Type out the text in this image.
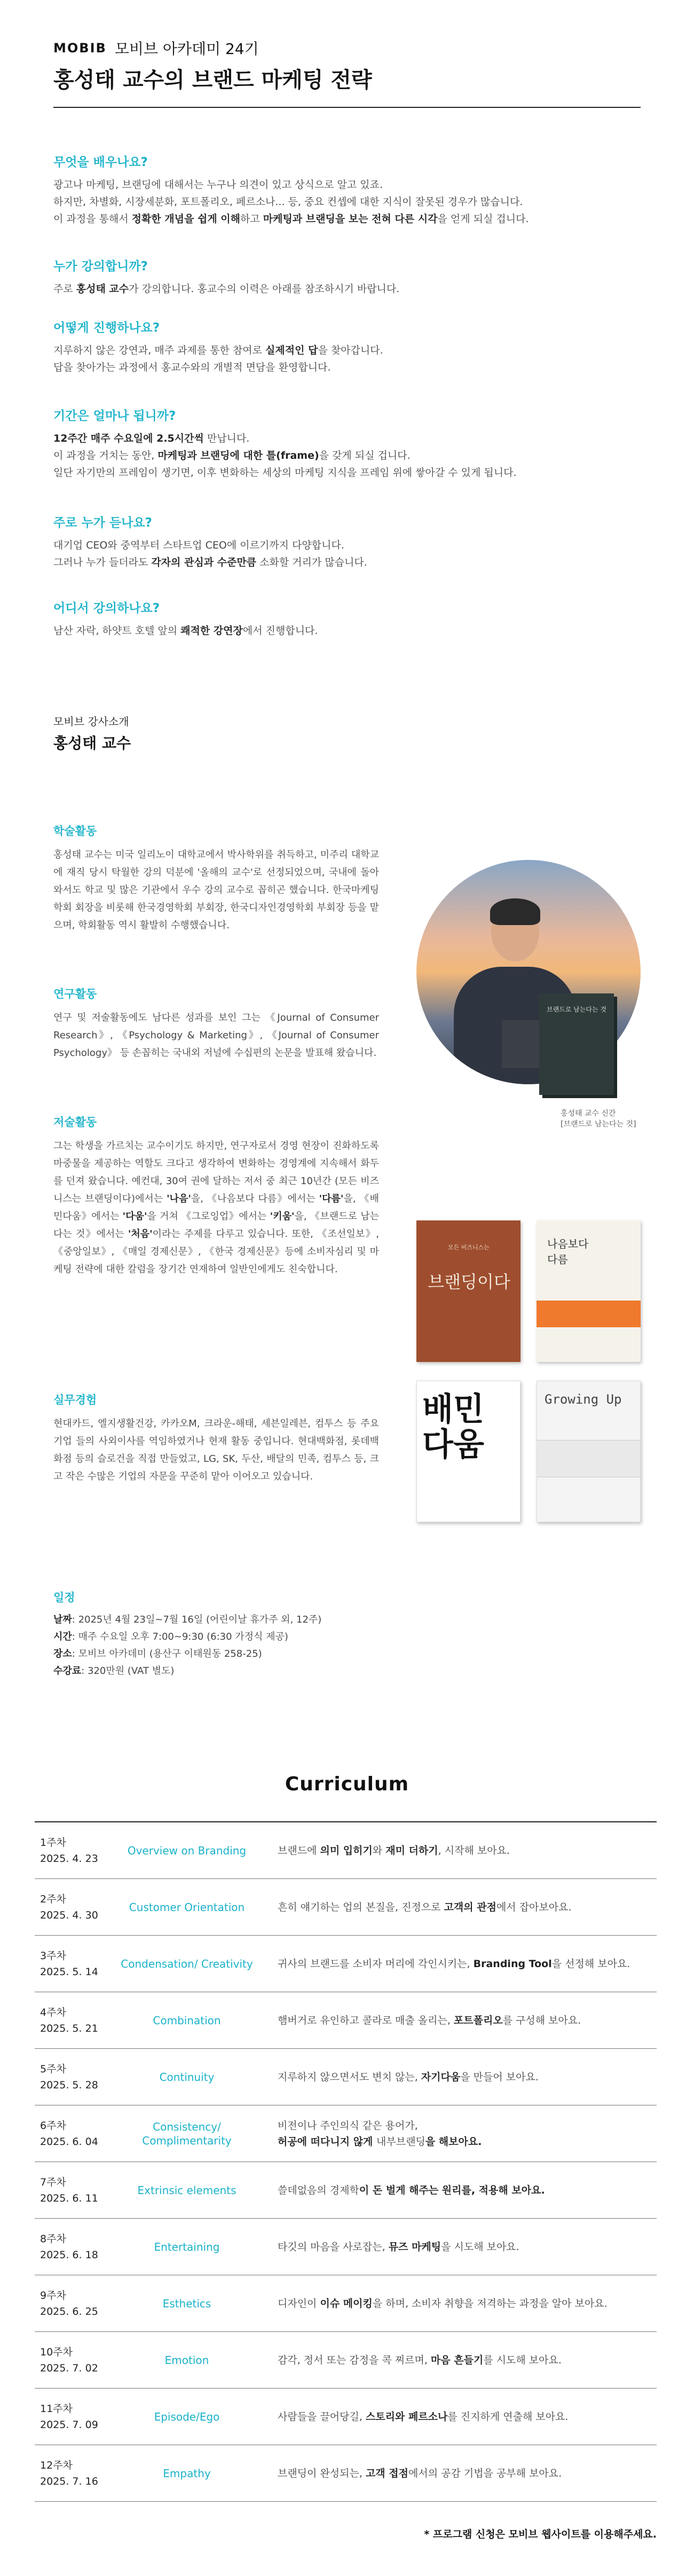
M O B I B 모비브 아카데미 24기
홍성태 교수의 브랜드 마케팅 전략
무엇을 배우나요?

광고나 마케팅, 브랜딩에 대해서는 누구나 의견이 있고 상식으로 알고 있죠.

하지만, 차별화, 시장세분화, 포트폴리오, 페르소나... 등, 중요 컨셉에 대한 지식이 잘못된 경우가 많습니다.

이 과정을 통해서 정확한 개념을 쉽게 이해하고 마케팅과 브랜딩을 보는 전혀 다른 시각을 얻게 되실 겁니다.

누가 강의합니까?

주로 홍성태 교수가 강의합니다. 홍교수의 이력은 아래를 참조하시기 바랍니다.

어떻게 진행하나요?

지루하지 않은 강연과, 매주 과제를 통한 참여로 실제적인 답을 찾아갑니다.

답을 찾아가는 과정에서 홍교수와의 개별적 면담을 환영합니다.

기간은 얼마나 됩니까?

12주간 매주 수요일에 2.5시간씩 만납니다.

이 과정을 거치는 동안, 마케팅과 브랜딩에 대한 틀(frame)을 갖게 되실 겁니다.

일단 자기만의 프레임이 생기면, 이후 변화하는 세상의 마케팅 지식을 프레임 위에 쌓아갈 수 있게 됩니다.

주로 누가 듣나요?

대기업 CEO와 중역부터 스타트업 CEO에 이르기까지 다양합니다.

그러나 누가 들더라도 각자의 관심과 수준만큼 소화할 거리가 많습니다.

어디서 강의하나요?

남산 자락, 하얏트 호텔 앞의 쾌적한 강연장에서 진행합니다.

모비브 강사소개
홍성태 교수
학술활동

홍성태 교수는 미국 일리노이 대학교에서 박사학위를 취득하고, 미주리 대학교에 재직 당시 탁월한 강의 덕분에 '올해의 교수'로 선정되었으며, 국내에 돌아와서도 학교 및 많은 기관에서 우수 강의 교수로 꼽히곤 했습니다. 한국마케팅학회 회장을 비롯해 한국경영학회 부회장, 한국디자인경영학회 부회장 등을 맡으며, 학회활동 역시 활발히 수행했습니다.

연구활동

연구 및 저술활동에도 남다른 성과를 보인 그는 《Journal of Consumer Research》, 《Psychology & Marketing》, 《Journal of Consumer Psychology》 등 손꼽히는 국내외 저널에 수십편의 논문을 발표해 왔습니다.

저술활동

그는 학생을 가르치는 교수이기도 하지만, 연구자로서 경영 현장이 진화하도록 마중물을 제공하는 역할도 크다고 생각하여 변화하는 경영계에 지속해서 화두를 던져 왔습니다. 예컨대, 30여 권에 달하는 저서 중 최근 10년간 (모든 비즈니스는 브랜딩이다)에서는 '나음'을, 《나음보다 다름》에서는 '다름'을, 《배민다움》에서는 '다움'을 거쳐 《그로잉업》에서는 '키움'을, 《브랜드로 남는다는 것》에서는 '처음'이라는 주제를 다루고 있습니다. 또한, 《조선일보》, 《중앙일보》, 《매일 경제신문》, 《한국 경제신문》등에 소비자심리 및 마케팅 전략에 대한 칼럼을 장기간 연재하여 일반인에게도 친숙합니다.

실무경험

현대카드, 엘지생활건강, 카카오M, 크라운-해태, 세븐일레븐, 컴투스 등 주요 기업 들의 사외이사를 역임하였거나 현재 활동 중입니다. 현대백화점, 롯데백화점 등의 슬로건을 직접 만들었고, LG, SK, 두산, 배달의 민족, 컴투스 등, 크고 작은 수많은 기업의 자문을 꾸준히 맡아 이어오고 있습니다.

브랜드로 남는다는 것
홍성태 교수 신간
[브랜드로 남는다는 것]
모든 비즈니스는
브랜딩이다
나음보다
다름
배민
다움
Growing Up
일정

날짜: 2025년 4월 23일~7월 16일 (어린이날 휴가주 외, 12주)

시간: 매주 수요일 오후 7:00~9:30 (6:30 가정식 제공)

장소: 모비브 아카데미 (용산구 이태원동 258-25)

수강료: 320만원 (VAT 별도)

Curriculum
1주차
2025. 4. 23
Overview on Branding	브랜드에 의미 입히기와 재미 더하기, 시작해 보아요.
2주차
2025. 4. 30
Customer Orientation	흔히 얘기하는 업의 본질을, 진정으로 고객의 관점에서 잡아보아요.
3주차
2025. 5. 14
Condensation/ Creativity	귀사의 브랜드를 소비자 머리에 각인시키는, Branding Tool을 선정해 보아요.
4주차
2025. 5. 21
Combination	햄버거로 유인하고 콜라로 매출 올리는, 포트폴리오를 구성해 보아요.
5주차
2025. 5. 28
Continuity	지루하지 않으면서도 변치 않는, 자기다움을 만들어 보아요.
6주차
2025. 6. 04
Consistency/ Complimentarity
비전이나 주인의식 같은 용어가,
허공에 떠다니지 않게 내부브랜딩을 해보아요.
7주차
2025. 6. 11
Extrinsic elements	쓸데없음의 경제학이 돈 벌게 해주는 원리를, 적용해 보아요.
8주차
2025. 6. 18
Entertaining	타깃의 마음을 사로잡는, 뮤즈 마케팅을 시도해 보아요.
9주차
2025. 6. 25
Esthetics	디자인이 이슈 메이킹을 하며, 소비자 취향을 저격하는 과정을 알아 보아요.
10주차
2025. 7. 02
Emotion	감각, 정서 또는 감정을 콕 찌르며, 마음 흔들기를 시도해 보아요.
11주차
2025. 7. 09
Episode/Ego	사람들을 끌어당길, 스토리와 페르소나를 진지하게 연출해 보아요.
12주차
2025. 7. 16
Empathy	브랜딩이 완성되는, 고객 접점에서의 공감 기법을 공부해 보아요.
* 프로그램 신청은 모비브 웹사이트를 이용해주세요.
